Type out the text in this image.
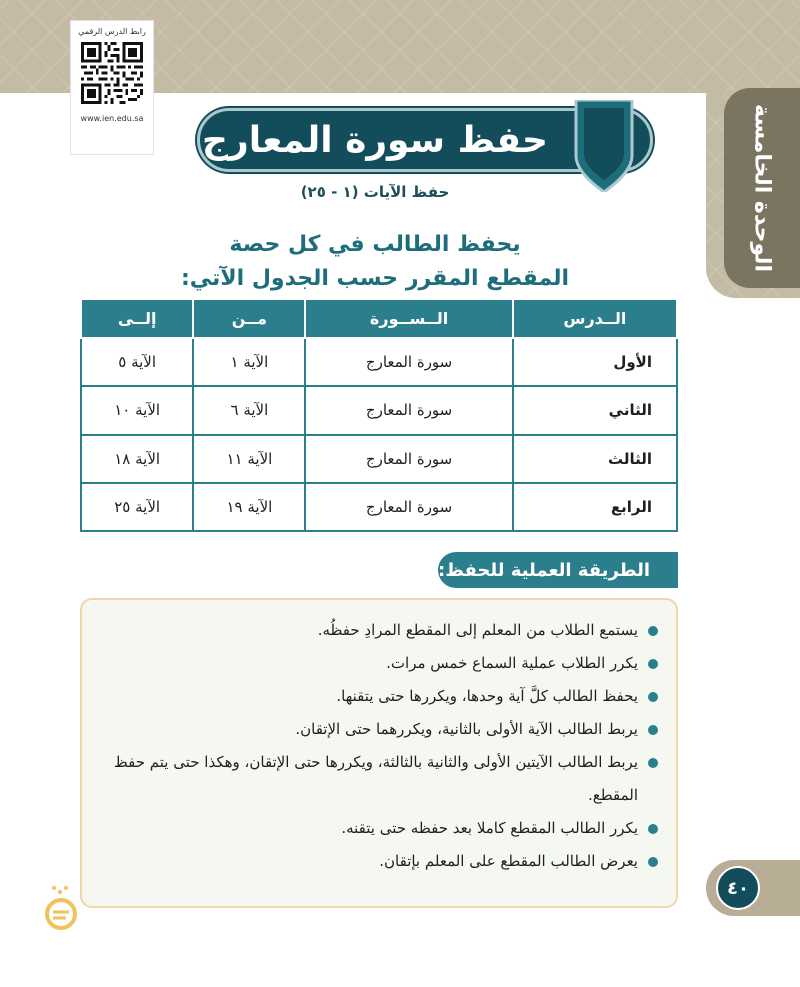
الوحدة الخامسة
رابط الدرس الرقمي
www.ien.edu.sa
حفظ سورة المعارج
حفظ الآيات (١ - ٢٥)
يحفظ الطالب في كل حصة
المقطع المقرر حسب الجدول الآتي:
الــدرس	الــســورة	مــن	إلــى
الأول	سورة المعارج	الآية ١	الآية ٥
الثاني	سورة المعارج	الآية ٦	الآية ١٠
الثالث	سورة المعارج	الآية ١١	الآية ١٨
الرابع	سورة المعارج	الآية ١٩	الآية ٢٥
الطريقة العملية للحفظ:
يستمع الطلاب من المعلم إلى المقطع المرادِ حفظُه.
يكرر الطلاب عملية السماع خمس مرات.
يحفظ الطالب كلَّ آية وحدها، ويكررها حتى يتقنها.
يربط الطالب الآية الأولى بالثانية، ويكررهما حتى الإتقان.
يربط الطالب الآيتين الأولى والثانية بالثالثة، ويكررها حتى الإتقان، وهكذا حتى يتم حفظ المقطع.
يكرر الطالب المقطع كاملا بعد حفظه حتى يتقنه.
يعرض الطالب المقطع على المعلم بإتقان.
٤٠
